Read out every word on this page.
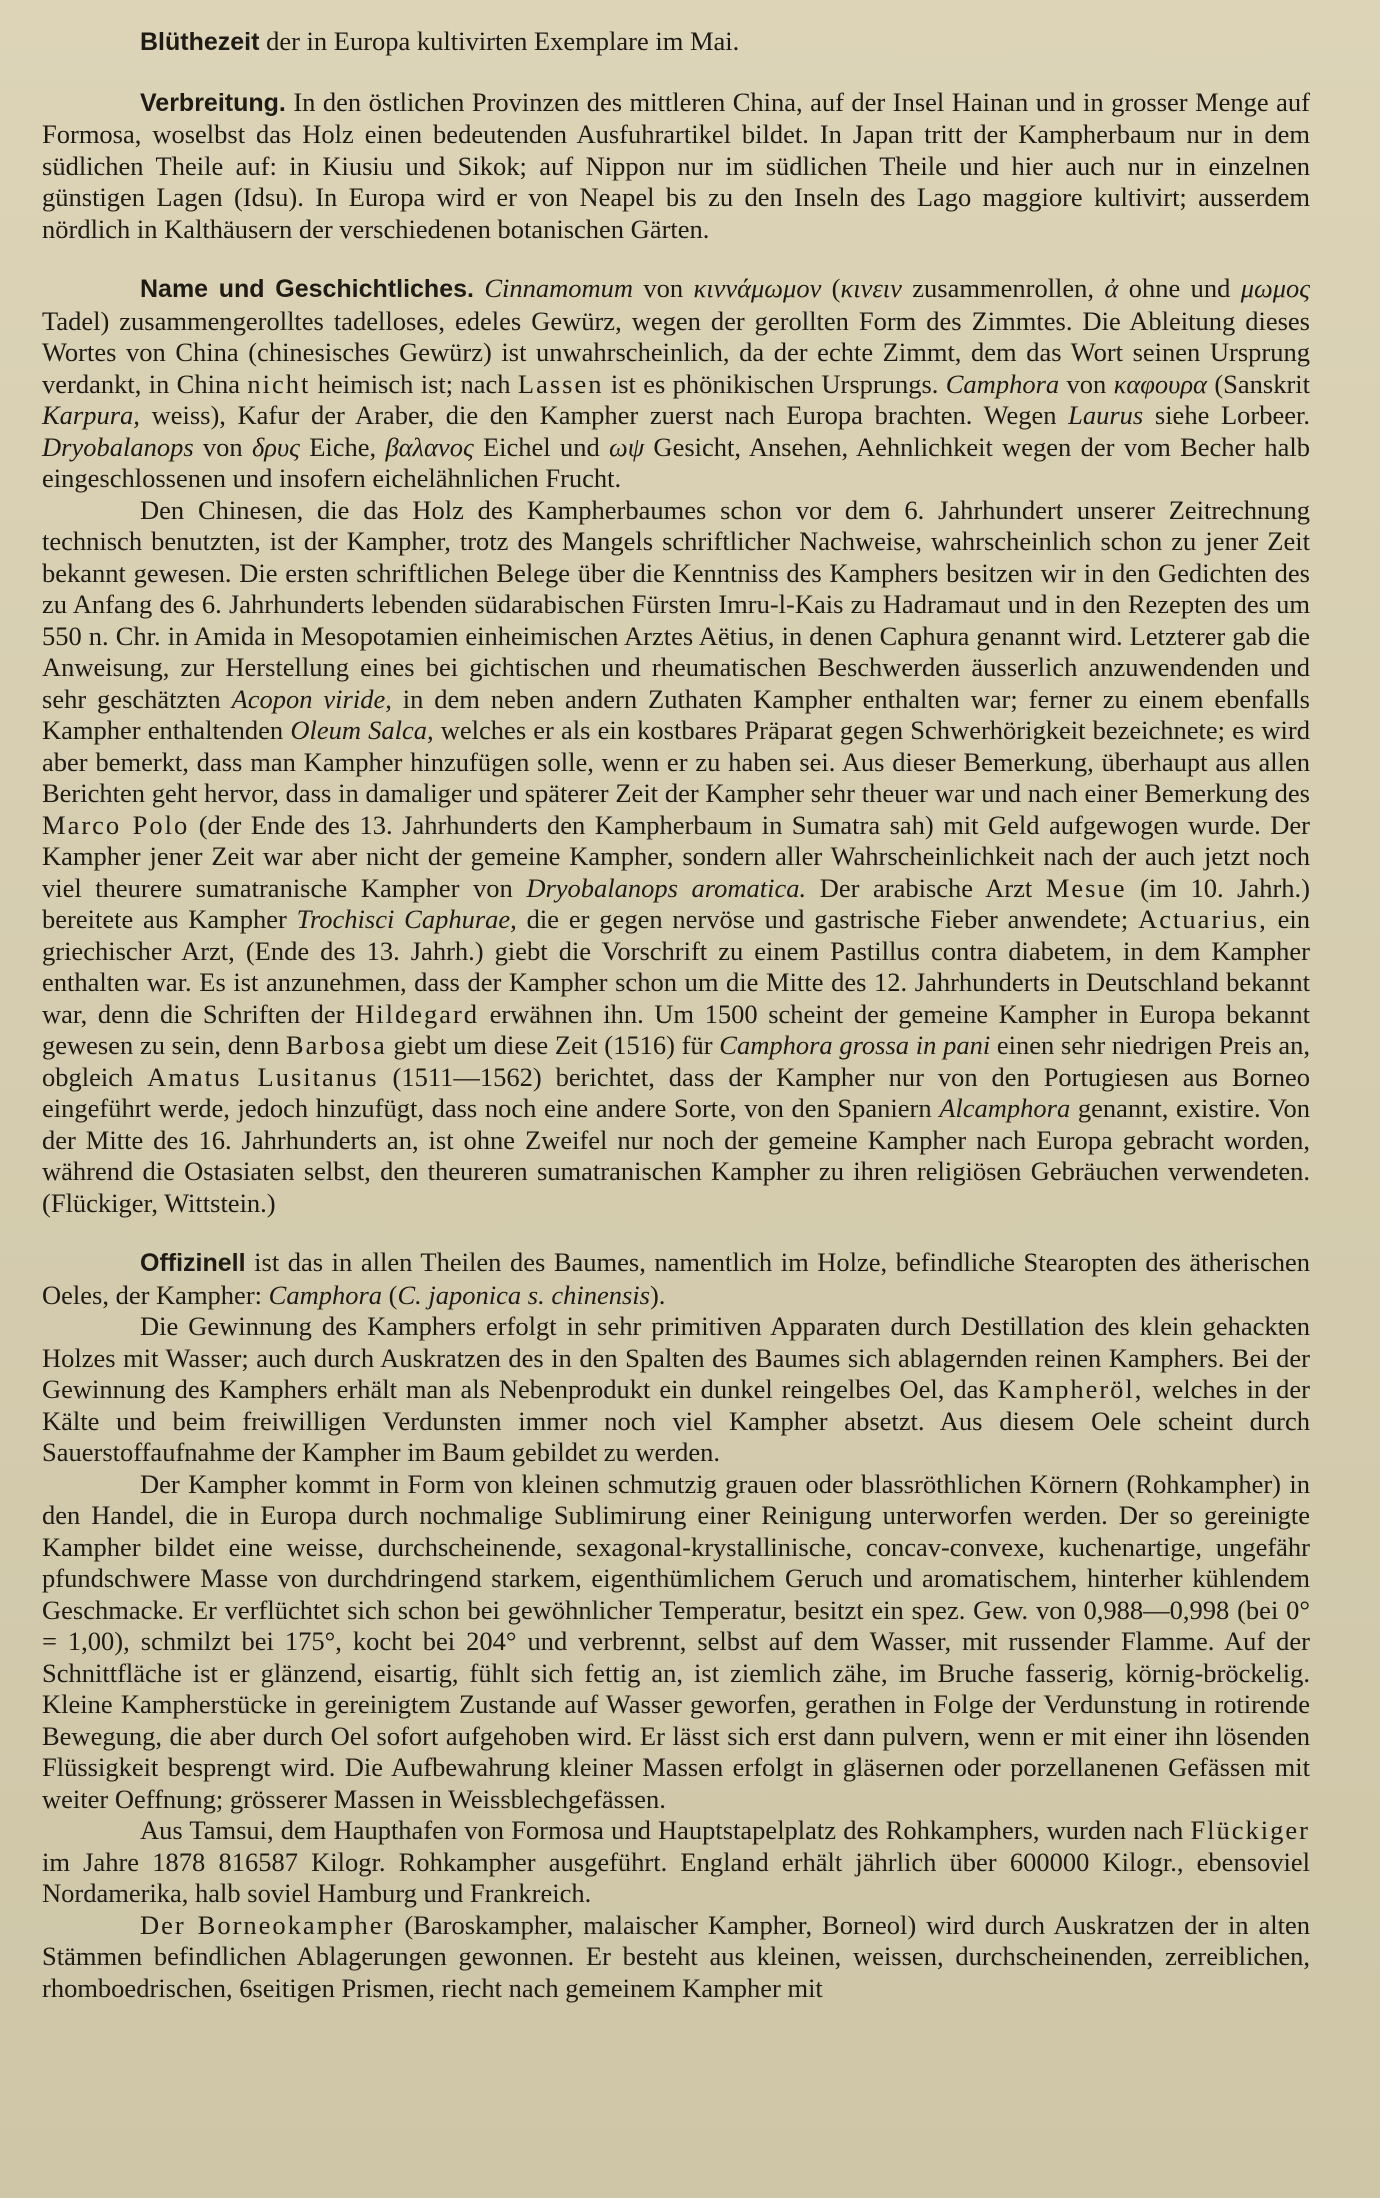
Blüthezeit der in Europa kultivirten Exemplare im Mai.

Verbreitung. In den östlichen Provinzen des mittleren China, auf der Insel Hainan und in grosser Menge auf Formosa, woselbst das Holz einen bedeutenden Ausfuhrartikel bildet. In Japan tritt der Kampherbaum nur in dem südlichen Theile auf: in Kiusiu und Sikok; auf Nippon nur im südlichen Theile und hier auch nur in einzelnen günstigen Lagen (Idsu). In Europa wird er von Neapel bis zu den Inseln des Lago maggiore kultivirt; ausserdem nördlich in Kalthäusern der verschiedenen botanischen Gärten.

Name und Geschichtliches. Cinnamomum von κιννάμωμον (κινειν zusammenrollen, ἀ ohne und μωμος Tadel) zusammengerolltes tadelloses, edeles Gewürz, wegen der gerollten Form des Zimmtes. Die Ableitung dieses Wortes von China (chinesisches Gewürz) ist unwahrscheinlich, da der echte Zimmt, dem das Wort seinen Ursprung verdankt, in China nicht heimisch ist; nach Lassen ist es phönikischen Ursprungs. Camphora von καφουρα (Sanskrit Karpura, weiss), Kafur der Araber, die den Kampher zuerst nach Europa brachten. Wegen Laurus siehe Lorbeer. Dryobalanops von δρυς Eiche, βαλανος Eichel und ωψ Gesicht, Ansehen, Aehnlichkeit wegen der vom Becher halb eingeschlossenen und insofern eichelähnlichen Frucht.

Den Chinesen, die das Holz des Kampherbaumes schon vor dem 6. Jahrhundert unserer Zeitrechnung technisch benutzten, ist der Kampher, trotz des Mangels schriftlicher Nachweise, wahrscheinlich schon zu jener Zeit bekannt gewesen. Die ersten schriftlichen Belege über die Kenntniss des Kamphers besitzen wir in den Gedichten des zu Anfang des 6. Jahrhunderts lebenden südarabischen Fürsten Imru-l-Kais zu Hadramaut und in den Rezepten des um 550 n. Chr. in Amida in Mesopotamien einheimischen Arztes Aëtius, in denen Caphura genannt wird. Letzterer gab die Anweisung, zur Herstellung eines bei gichtischen und rheumatischen Beschwerden äusserlich anzuwendenden und sehr geschätzten Acopon viride, in dem neben andern Zuthaten Kampher enthalten war; ferner zu einem ebenfalls Kampher enthaltenden Oleum Salca, welches er als ein kostbares Präparat gegen Schwerhörigkeit bezeichnete; es wird aber bemerkt, dass man Kampher hinzufügen solle, wenn er zu haben sei. Aus dieser Bemerkung, überhaupt aus allen Berichten geht hervor, dass in damaliger und späterer Zeit der Kampher sehr theuer war und nach einer Bemerkung des Marco Polo (der Ende des 13. Jahrhunderts den Kampherbaum in Sumatra sah) mit Geld aufgewogen wurde. Der Kampher jener Zeit war aber nicht der gemeine Kampher, sondern aller Wahrscheinlichkeit nach der auch jetzt noch viel theurere sumatranische Kampher von Dryobalanops aromatica. Der arabische Arzt Mesue (im 10. Jahrh.) bereitete aus Kampher Trochisci Caphurae, die er gegen nervöse und gastrische Fieber anwendete; Actuarius, ein griechischer Arzt, (Ende des 13. Jahrh.) giebt die Vorschrift zu einem Pastillus contra diabetem, in dem Kampher enthalten war. Es ist anzunehmen, dass der Kampher schon um die Mitte des 12. Jahrhunderts in Deutschland bekannt war, denn die Schriften der Hildegard erwähnen ihn. Um 1500 scheint der gemeine Kampher in Europa bekannt gewesen zu sein, denn Barbosa giebt um diese Zeit (1516) für Camphora grossa in pani einen sehr niedrigen Preis an, obgleich Amatus Lusitanus (1511—1562) berichtet, dass der Kampher nur von den Portugiesen aus Borneo eingeführt werde, jedoch hinzufügt, dass noch eine andere Sorte, von den Spaniern Alcamphora genannt, existire. Von der Mitte des 16. Jahrhunderts an, ist ohne Zweifel nur noch der gemeine Kampher nach Europa gebracht worden, während die Ostasiaten selbst, den theureren sumatranischen Kampher zu ihren religiösen Gebräuchen verwendeten. (Flückiger, Wittstein.)

Offizinell ist das in allen Theilen des Baumes, namentlich im Holze, befindliche Stearopten des ätherischen Oeles, der Kampher: Camphora (C. japonica s. chinensis).

Die Gewinnung des Kamphers erfolgt in sehr primitiven Apparaten durch Destillation des klein gehackten Holzes mit Wasser; auch durch Auskratzen des in den Spalten des Baumes sich ablagernden reinen Kamphers. Bei der Gewinnung des Kamphers erhält man als Nebenprodukt ein dunkel reingelbes Oel, das Kampheröl, welches in der Kälte und beim freiwilligen Verdunsten immer noch viel Kampher absetzt. Aus diesem Oele scheint durch Sauerstoffaufnahme der Kampher im Baum gebildet zu werden.

Der Kampher kommt in Form von kleinen schmutzig grauen oder blassröthlichen Körnern (Rohkampher) in den Handel, die in Europa durch nochmalige Sublimirung einer Reinigung unterworfen werden. Der so gereinigte Kampher bildet eine weisse, durchscheinende, sexagonal-krystallinische, concav-convexe, kuchenartige, ungefähr pfundschwere Masse von durchdringend starkem, eigenthümlichem Geruch und aromatischem, hinterher kühlendem Geschmacke. Er verflüchtet sich schon bei gewöhnlicher Temperatur, besitzt ein spez. Gew. von 0,988—0,998 (bei 0° = 1,00), schmilzt bei 175°, kocht bei 204° und verbrennt, selbst auf dem Wasser, mit russender Flamme. Auf der Schnittfläche ist er glänzend, eisartig, fühlt sich fettig an, ist ziemlich zähe, im Bruche fasserig, körnig-bröckelig. Kleine Kampherstücke in gereinigtem Zustande auf Wasser geworfen, gerathen in Folge der Verdunstung in rotirende Bewegung, die aber durch Oel sofort aufgehoben wird. Er lässt sich erst dann pulvern, wenn er mit einer ihn lösenden Flüssigkeit besprengt wird. Die Aufbewahrung kleiner Massen erfolgt in gläsernen oder porzellanenen Gefässen mit weiter Oeffnung; grösserer Massen in Weissblechgefässen.

Aus Tamsui, dem Haupthafen von Formosa und Hauptstapelplatz des Rohkamphers, wurden nach Flückiger im Jahre 1878 816587 Kilogr. Rohkampher ausgeführt. England erhält jährlich über 600000 Kilogr., ebensoviel Nordamerika, halb soviel Hamburg und Frankreich.

Der Borneokampher (Baroskampher, malaischer Kampher, Borneol) wird durch Auskratzen der in alten Stämmen befindlichen Ablagerungen gewonnen. Er besteht aus kleinen, weissen, durchscheinenden, zerreiblichen, rhomboedrischen, 6seitigen Prismen, riecht nach gemeinem Kampher mit
